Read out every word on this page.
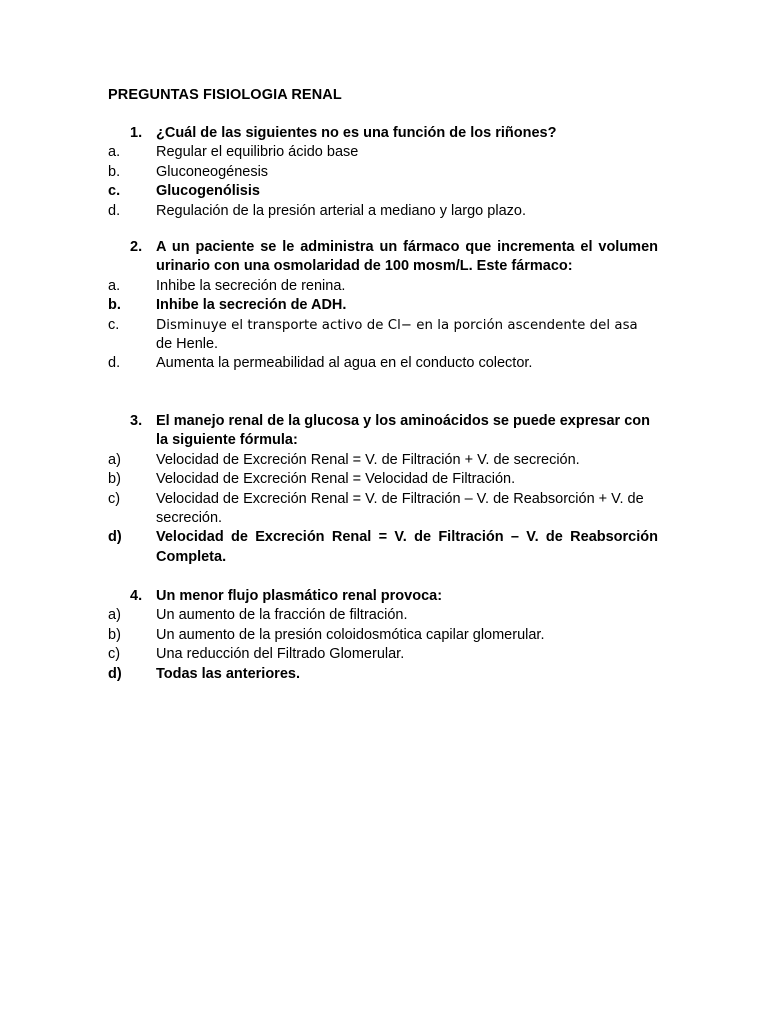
PREGUNTAS FISIOLOGIA RENAL
1. ¿Cuál de las siguientes no es una función de los riñones?
a.	Regular el equilibrio ácido base
b.	Gluconeogénesis
c.	Glucogenólisis
d.	Regulación de la presión arterial a mediano y largo plazo.
2. A un paciente se le administra un fármaco que incrementa el volumen urinario con una osmolaridad de 100 mosm/L. Este fármaco:
a.	Inhibe la secreción de renina.
b.	Inhibe la secreción de ADH.
c.	Disminuye el transporte activo de Cl− en la porción ascendente del asa
de Henle.
d.	Aumenta la permeabilidad al agua en el conducto colector.
3. El manejo renal de la glucosa y los aminoácidos se puede expresar con la siguiente fórmula:
a)	Velocidad de Excreción Renal = V. de Filtración + V. de secreción.
b)	Velocidad de Excreción Renal = Velocidad de Filtración.
c)	Velocidad de Excreción Renal = V. de Filtración – V. de Reabsorción + V. de secreción.
d)	Velocidad de Excreción Renal = V. de Filtración – V. de Reabsorción Completa.
4. Un menor flujo plasmático renal provoca:
a)	Un aumento de la fracción de filtración.
b)	Un aumento de la presión coloidosmótica capilar glomerular.
c)	Una reducción del Filtrado Glomerular.
d)	Todas las anteriores.
